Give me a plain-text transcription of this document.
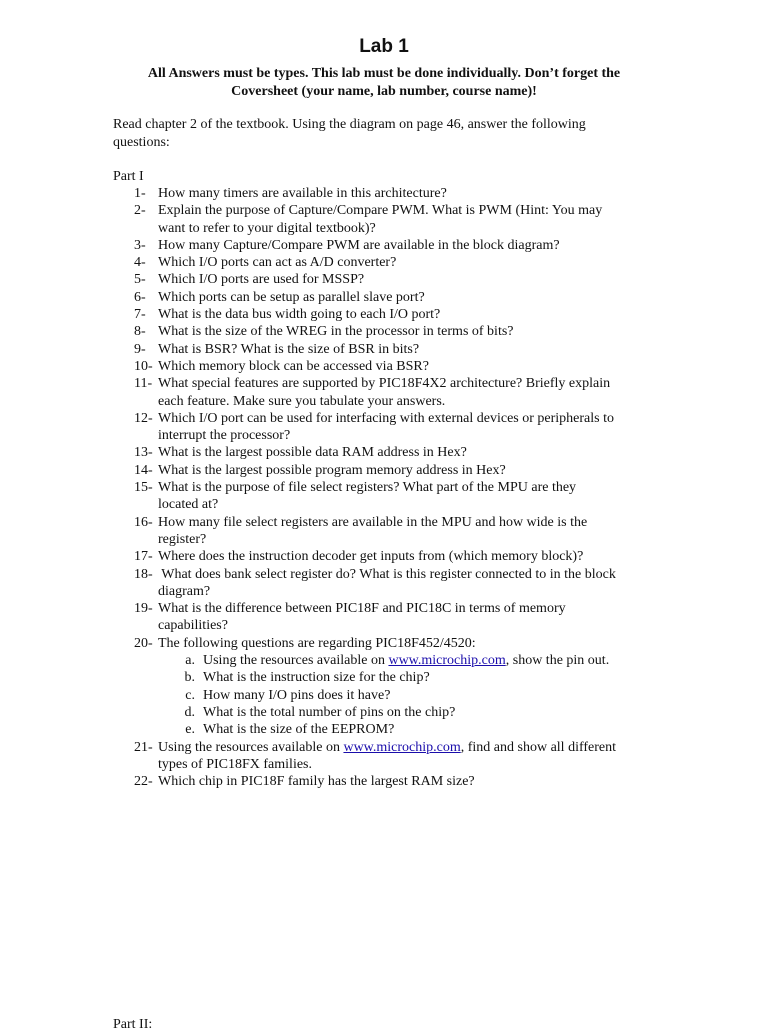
Lab 1
All Answers must be types. This lab must be done individually. Don’t forget the
Coversheet (your name, lab number, course name)!
Read chapter 2 of the textbook. Using the diagram on page 46, answer the following
questions:
Part I
1- How many timers are available in this architecture?
2- Explain the purpose of Capture/Compare PWM. What is PWM (Hint: You may
want to refer to your digital textbook)?
3- How many Capture/Compare PWM are available in the block diagram?
4- Which I/O ports can act as A/D converter?
5- Which I/O ports are used for MSSP?
6- Which ports can be setup as parallel slave port?
7- What is the data bus width going to each I/O port?
8- What is the size of the WREG in the processor in terms of bits?
9- What is BSR? What is the size of BSR in bits?
10- Which memory block can be accessed via BSR?
11- What special features are supported by PIC18F4X2 architecture? Briefly explain
each feature. Make sure you tabulate your answers.
12- Which I/O port can be used for interfacing with external devices or peripherals to
interrupt the processor?
13- What is the largest possible data RAM address in Hex?
14- What is the largest possible program memory address in Hex?
15- What is the purpose of file select registers? What part of the MPU are they
located at?
16- How many file select registers are available in the MPU and how wide is the
register?
17- Where does the instruction decoder get inputs from (which memory block)?
18- What does bank select register do? What is this register connected to in the block
diagram?
19- What is the difference between PIC18F and PIC18C in terms of memory
capabilities?
20- The following questions are regarding PIC18F452/4520:
a. Using the resources available on www.microchip.com, show the pin out.
b. What is the instruction size for the chip?
c. How many I/O pins does it have?
d. What is the total number of pins on the chip?
e. What is the size of the EEPROM?
21- Using the resources available on www.microchip.com, find and show all different
types of PIC18FX families.
22- Which chip in PIC18F family has the largest RAM size?
Part II:
